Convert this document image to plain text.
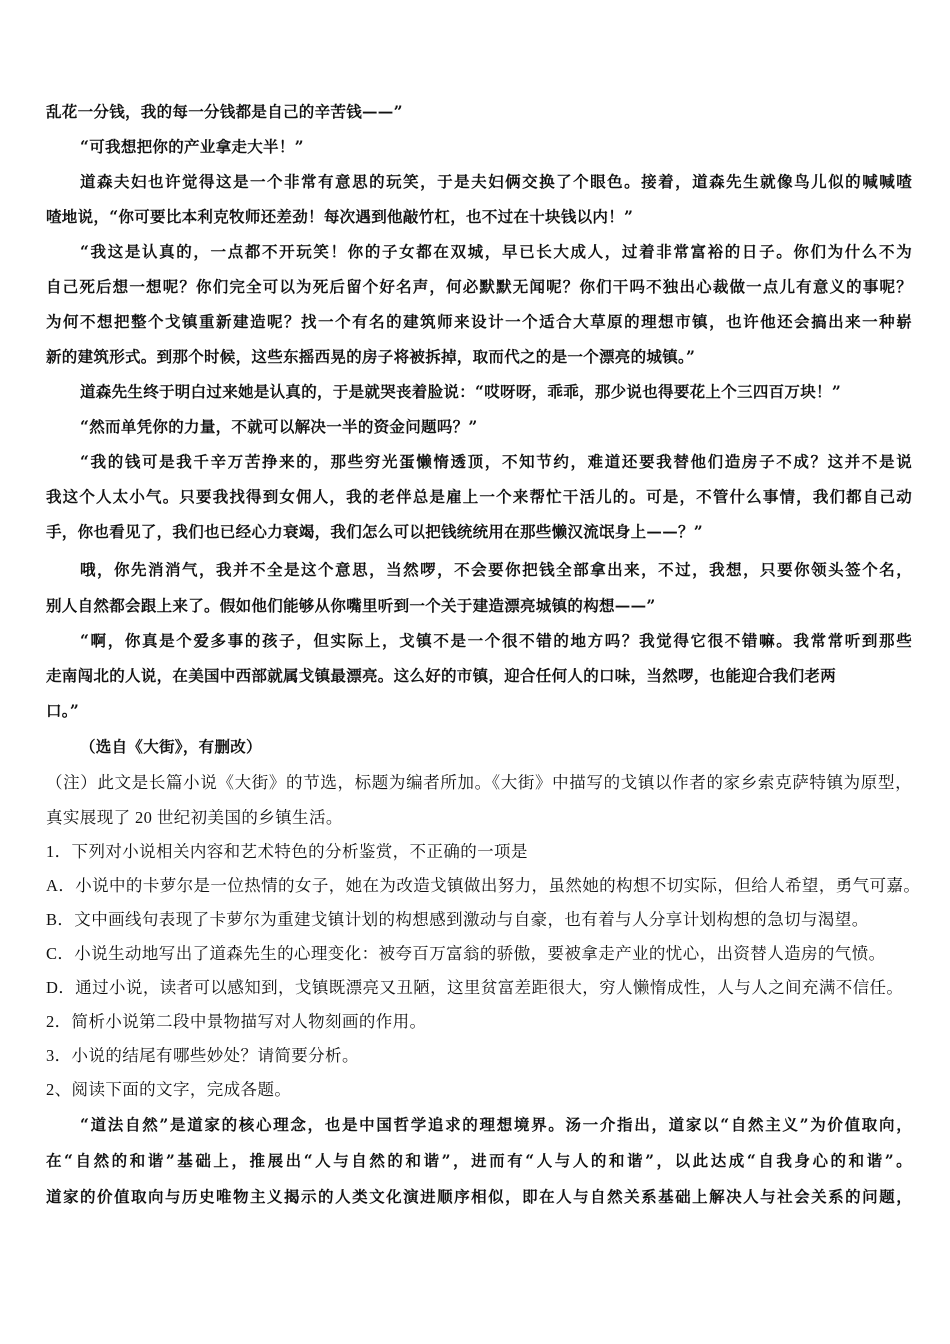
乱花一分钱，我的每一分钱都是自己的辛苦钱——”
“可我想把你的产业拿走大半！”
道森夫妇也许觉得这是一个非常有意思的玩笑，于是夫妇俩交换了个眼色。接着，道森先生就像鸟儿似的喊喊喳
喳地说，“你可要比本利克牧师还差劲！每次遇到他敲竹杠，也不过在十块钱以内！”
“我这是认真的，一点都不开玩笑！你的子女都在双城，早已长大成人，过着非常富裕的日子。你们为什么不为
自己死后想一想呢？你们完全可以为死后留个好名声，何必默默无闻呢？你们干吗不独出心裁做一点儿有意义的事呢？
为何不想把整个戈镇重新建造呢？找一个有名的建筑师来设计一个适合大草原的理想市镇，也许他还会搞出来一种崭
新的建筑形式。到那个时候，这些东摇西晃的房子将被拆掉，取而代之的是一个漂亮的城镇。”
道森先生终于明白过来她是认真的，于是就哭丧着脸说：“哎呀呀，乖乖，那少说也得要花上个三四百万块！”
“然而单凭你的力量，不就可以解决一半的资金问题吗？”
“我的钱可是我千辛万苦挣来的，那些穷光蛋懒惰透顶，不知节约，难道还要我替他们造房子不成？这并不是说
我这个人太小气。只要我找得到女佣人，我的老伴总是雇上一个来帮忙干活儿的。可是，不管什么事情，我们都自己动
手，你也看见了，我们也已经心力衰竭，我们怎么可以把钱统统用在那些懒汉流氓身上——？”
哦，你先消消气，我并不全是这个意思，当然啰，不会要你把钱全部拿出来，不过，我想，只要你领头签个名，
别人自然都会跟上来了。假如他们能够从你嘴里听到一个关于建造漂亮城镇的构想——”
“啊，你真是个爱多事的孩子，但实际上，戈镇不是一个很不错的地方吗？我觉得它很不错嘛。我常常听到那些
走南闯北的人说，在美国中西部就属戈镇最漂亮。这么好的市镇，迎合任何人的口味，当然啰，也能迎合我们老两
口。”
（选自《大街》，有删改）
（注）此文是长篇小说《大街》的节选，标题为编者所加。《大街》中描写的戈镇以作者的家乡索克萨特镇为原型，
真实展现了 20 世纪初美国的乡镇生活。
1．下列对小说相关内容和艺术特色的分析鉴赏，不正确的一项是
A．小说中的卡萝尔是一位热情的女子，她在为改造戈镇做出努力，虽然她的构想不切实际，但给人希望，勇气可嘉。
B．文中画线句表现了卡萝尔为重建戈镇计划的构想感到激动与自豪，也有着与人分享计划构想的急切与渴望。
C．小说生动地写出了道森先生的心理变化：被夸百万富翁的骄傲，要被拿走产业的忧心，出资替人造房的气愤。
D．通过小说，读者可以感知到，戈镇既漂亮又丑陋，这里贫富差距很大，穷人懒惰成性，人与人之间充满不信任。
2．简析小说第二段中景物描写对人物刻画的作用。
3．小说的结尾有哪些妙处？请简要分析。
2、阅读下面的文字，完成各题。
“道法自然”是道家的核心理念，也是中国哲学追求的理想境界。汤一介指出，道家以“自然主义”为价值取向，
在“自然的和谐”基础上，推展出“人与自然的和谐”，进而有“人与人的和谐”，以此达成“自我身心的和谐”。
道家的价值取向与历史唯物主义揭示的人类文化演进顺序相似，即在人与自然关系基础上解决人与社会关系的问题，
